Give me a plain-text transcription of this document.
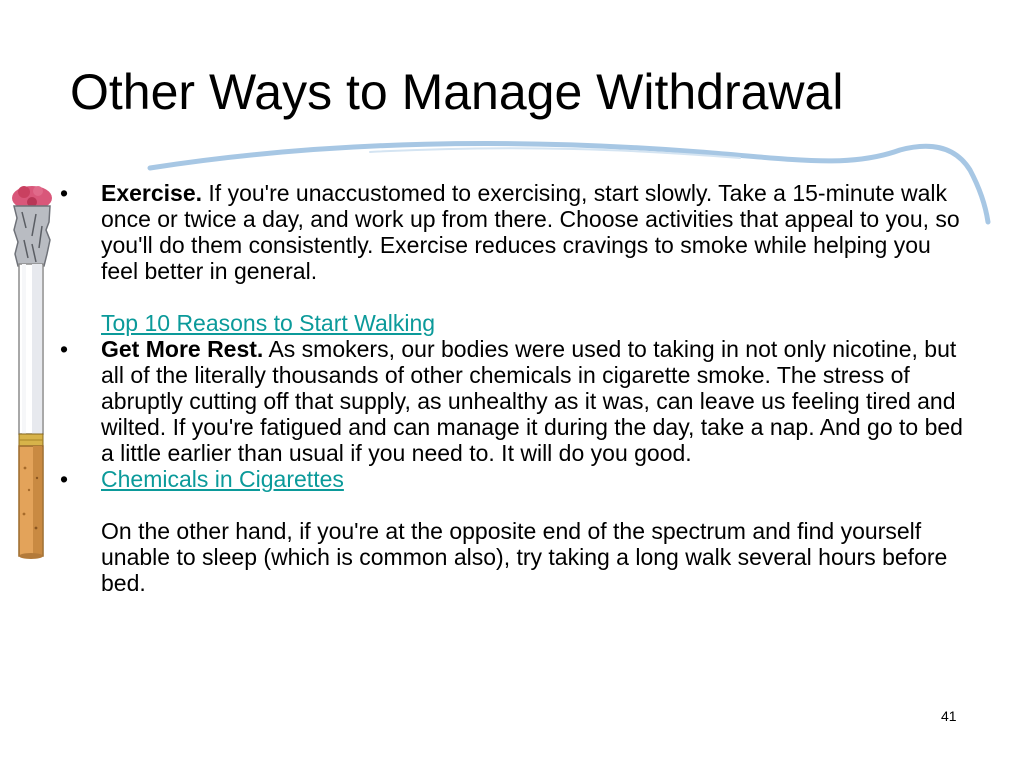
Other Ways to Manage Withdrawal
• Exercise. If you're unaccustomed to exercising, start slowly. Take a 15-minute walk once or twice a day, and work up from there. Choose activities that appeal to you, so you'll do them consistently. Exercise reduces cravings to smoke while helping you feel better in general.

Top 10 Reasons to Start Walking

• Get More Rest. As smokers, our bodies were used to taking in not only nicotine, but all of the literally thousands of other chemicals in cigarette smoke. The stress of abruptly cutting off that supply, as unhealthy as it was, can leave us feeling tired and wilted. If you're fatigued and can manage it during the day, take a nap. And go to bed a little earlier than usual if you need to. It will do you good.

• Chemicals in Cigarettes

On the other hand, if you're at the opposite end of the spectrum and find yourself unable to sleep (which is common also), try taking a long walk several hours before bed.

41
